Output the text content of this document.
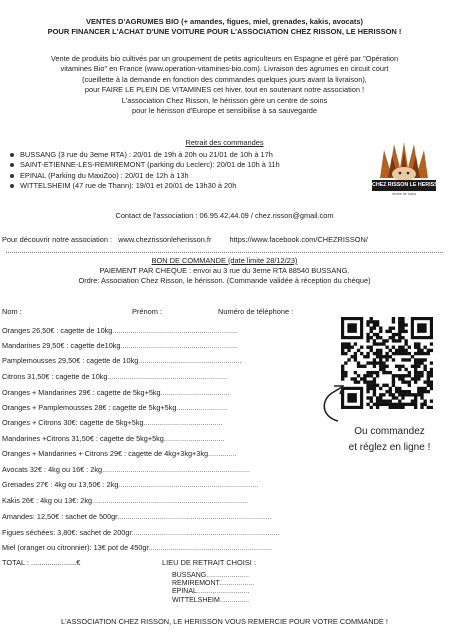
VENTES D'AGRUMES BIO (+ amandes, figues, miel, grenades, kakis, avocats)
POUR FINANCER L'ACHAT D'UNE VOITURE POUR L'ASSOCIATION CHEZ RISSON, LE HERISSON !
Vente de produits bio cultivés par un groupement de petits agriculteurs en Espagne et géré par "Opération
vitamines Bio" en France (www.operation-vitamines-bio.com). Livraison des agrumes en circuit court
(cueillette à la demande en fonction des commandes quelques jours avant la livraison),
pour FAIRE LE PLEIN DE VITAMINES cet hiver, tout en soutenant notre association !
L'association Chez Risson, le hérisson gère un centre de soins
pour le hérisson d'Europe et sensibilise à sa sauvegarde
Retrait des commandes
BUSSANG (3 rue du 3eme RTA) : 20/01 de 19h à 20h ou 21/01 de 10h à 17h
SAINT-ETIENNE-LES-REMIREMONT (parking du Leclerc): 20/01 de 10h à 11h
EPINAL (Parking du MaxiZoo) : 20/01 de 12h à 13h
WITTELSHEIM (47 rue de Thann): 19/01 et 20/01 de 13h30 à 20h	CHEZ RISSON LE HERISSON
centre de soins
Contact de l'association : 06.95.42.44.09 / chez.risson@gmail.com
Pour découvrir notre association : www.chezrissonleherisson.fr https://www.facebook.com/CHEZRISSON/
BON DE COMMANDE (date limite 28/12/23)
PAIEMENT PAR CHEQUE : envoi au 3 rue du 3eme RTA 88540 BUSSANG.
Ordre: Association Chez Risson, le hérisson. (Commande validée à réception du chèque)
Nom :	Prénom :	Numéro de téléphone :
Oranges 26,50€ : cagette de 10kg..............................................................
Mandarines 29,50€ : cagette de10kg..........................................................
Pamplemousses 29,50€ : cagette de 10kg...................................................
Citrons 31,50€ : cagette de 10kg...........................................................
Oranges + Mandarines 29€ : cagette de 5kg+5kg..................................
Oranges + Pamplemousses 28€ : cagette de 5kg+5kg.........................
Oranges + Citrons 30€: cagette de 5kg+5kg.......................................
Mandarines +Citrons 31,50€ : cagette de 5kg+5kg..............................
Oranges + Mandarines + Citrons 29€ : cagette de 4kg+3kg+3kg..............
Avocats 32€ : 4kg ou 16€ : 2kg.........................................................................
Grenades 27€ : 4kg ou 13,50€ : 2kg.....................................................................
Kakis 26€ : 4kg ou 13€: 2kg.............................................................................
Amandes: 12,50€ : sachet de 500gr............................................................................
Figues séchées: 3,80€: sachet de 200gr.........................................................................
Miel (oranger ou citronnier): 13€ pot de 450gr.............................................................
TOTAL : ......................€	LIEU DE RETRAIT CHOISI :
BUSSANG......................
REMIREMONT..................
EPINAL...........................
WITTELSHEIM...............
Ou commandez
et réglez en ligne !
L'ASSOCIATION CHEZ RISSON, LE HERISSON VOUS REMERCIE POUR VOTRE COMMANDE !
